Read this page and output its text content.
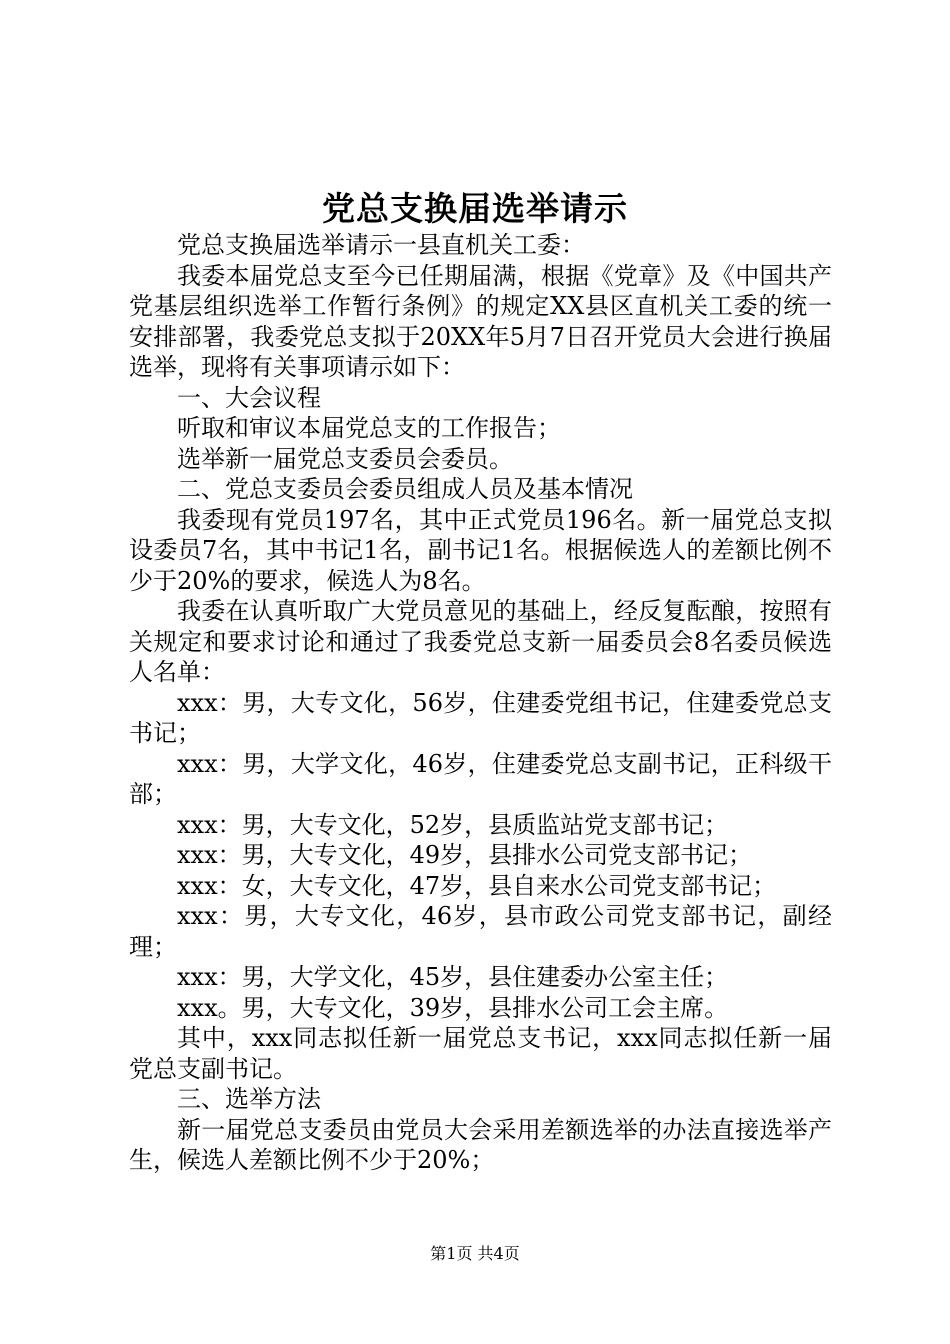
党总支换届选举请示

党总支换届选举请示一县直机关工委：

我委本届党总支至今已任期届满，根据《党章》及《中国共产党基层组织选举工作暂行条例》的规定XX县区直机关工委的统一安排部署，我委党总支拟于20XX年5月7日召开党员大会进行换届选举，现将有关事项请示如下：

一、大会议程

听取和审议本届党总支的工作报告；

选举新一届党总支委员会委员。

二、党总支委员会委员组成人员及基本情况

我委现有党员197名，其中正式党员196名。新一届党总支拟设委员7名，其中书记1名，副书记1名。根据候选人的差额比例不少于20%的要求，候选人为8名。

我委在认真听取广大党员意见的基础上，经反复酝酿，按照有关规定和要求讨论和通过了我委党总支新一届委员会8名委员候选人名单：

xxx：男，大专文化，56岁，住建委党组书记，住建委党总支书记；

xxx：男，大学文化，46岁，住建委党总支副书记，正科级干部；

xxx：男，大专文化，52岁，县质监站党支部书记；

xxx：男，大专文化，49岁，县排水公司党支部书记；

xxx：女，大专文化，47岁，县自来水公司党支部书记；

xxx：男，大专文化，46岁，县市政公司党支部书记，副经理；

xxx：男，大学文化，45岁，县住建委办公室主任；

xxx。男，大专文化，39岁，县排水公司工会主席。

其中，xxx同志拟任新一届党总支书记，xxx同志拟任新一届党总支副书记。

三、选举方法

新一届党总支委员由党员大会采用差额选举的办法直接选举产生，候选人差额比例不少于20%；

第1页 共4页
